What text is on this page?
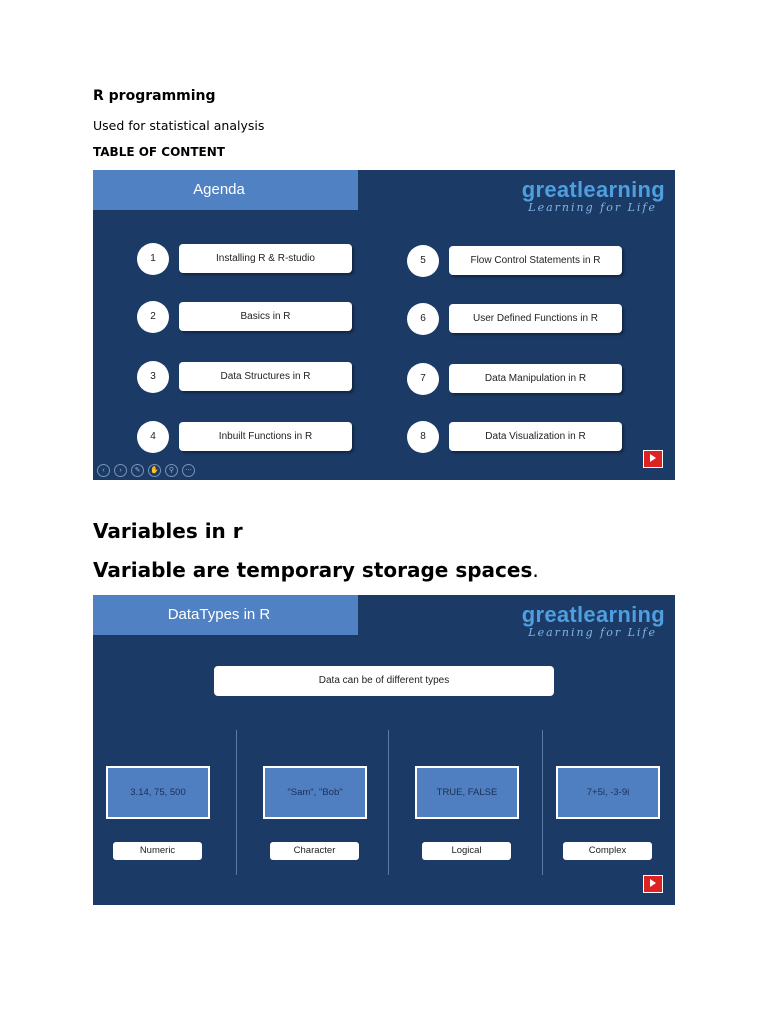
R programming
Used for statistical analysis
TABLE OF CONTENT
Agenda	greatlearning
Learning for Life
1	Installing R & R-studio
2	Basics in R
3	Data Structures in R
4	Inbuilt Functions in R
5	Flow Control Statements in R
6	User Defined Functions in R
7	Data Manipulation in R
8	Data Visualization in R
‹	›	✎	✋	⚲	⋯
Variables in r
Variable are temporary storage spaces.
DataTypes in R	greatlearning
Learning for Life
Data can be of different types
3.14, 75, 500	"Sam", "Bob"	TRUE, FALSE	7+5i, -3-9i
Numeric	Character	Logical	Complex
